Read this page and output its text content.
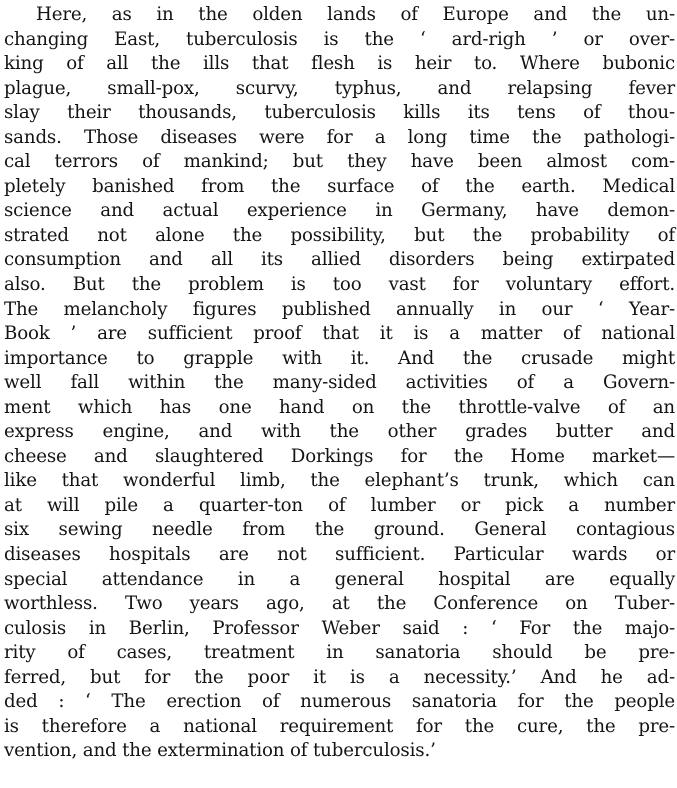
Here, as in the olden lands of Europe and the un-
changing East, tuberculosis is the ‘ ard-righ ’ or over-
king of all the ills that flesh is heir to. Where bubonic
plague, small-pox, scurvy, typhus, and relapsing fever
slay their thousands, tuberculosis kills its tens of thou-
sands. Those diseases were for a long time the pathologi-
cal terrors of mankind; but they have been almost com-
pletely banished from the surface of the earth. Medical
science and actual experience in Germany, have demon-
strated not alone the possibility, but the probability of
consumption and all its allied disorders being extirpated
also. But the problem is too vast for voluntary effort.
The melancholy figures published annually in our ‘ Year-
Book ’ are sufficient proof that it is a matter of national
importance to grapple with it. And the crusade might
well fall within the many-sided activities of a Govern-
ment which has one hand on the throttle-valve of an
express engine, and with the other grades butter and
cheese and slaughtered Dorkings for the Home market—
like that wonderful limb, the elephant’s trunk, which can
at will pile a quarter-ton of lumber or pick a number
six sewing needle from the ground. General contagious
diseases hospitals are not sufficient. Particular wards or
special attendance in a general hospital are equally
worthless. Two years ago, at the Conference on Tuber-
culosis in Berlin, Professor Weber said : ‘ For the majo-
rity of cases, treatment in sanatoria should be pre-
ferred, but for the poor it is a necessity.’ And he ad-
ded : ‘ The erection of numerous sanatoria for the people
is therefore a national requirement for the cure, the pre-
vention, and the extermination of tuberculosis.’
